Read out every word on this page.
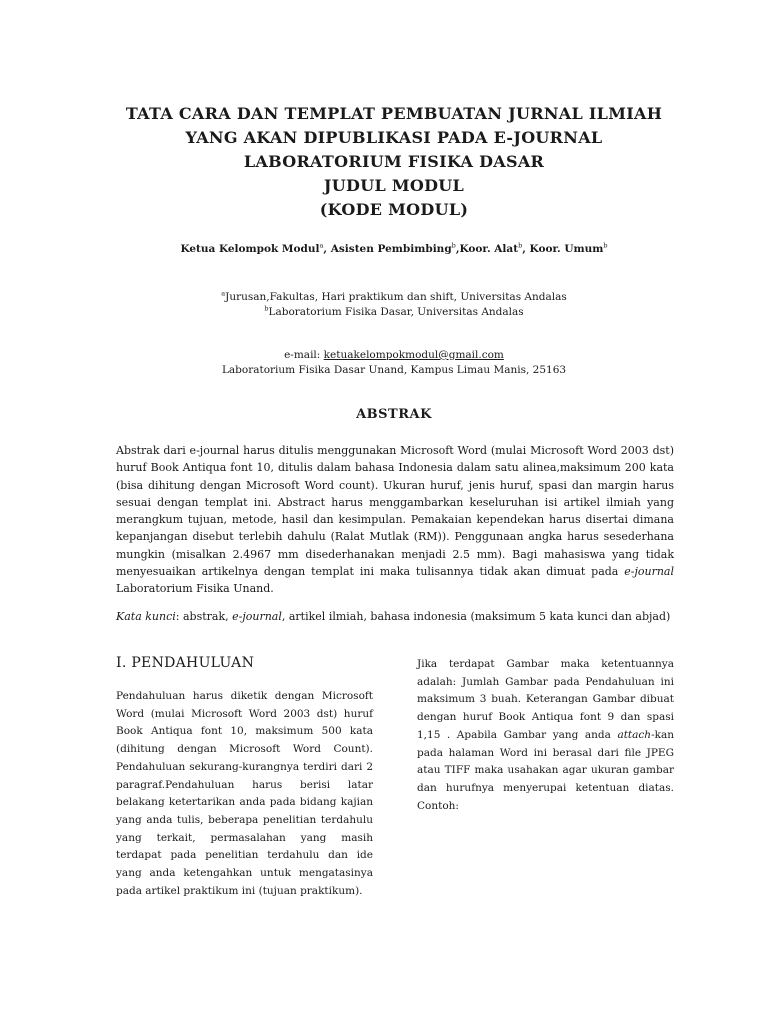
TATA CARA DAN TEMPLAT PEMBUATAN JURNAL ILMIAH
YANG AKAN DIPUBLIKASI PADA E-JOURNAL
LABORATORIUM FISIKA DASAR
JUDUL MODUL
(KODE MODUL)
Ketua Kelompok Modul$^a$, Asisten Pembimbing$^b$,Koor. Alat$^b$, Koor. Umum$^b$
$^a$Jurusan,Fakultas, Hari praktikum dan shift, Universitas Andalas
$^b$Laboratorium Fisika Dasar, Universitas Andalas
e-mail: ketuakelompokmodul@gmail.com
Laboratorium Fisika Dasar Unand, Kampus Limau Manis, 25163
ABSTRAK

Abstrak dari e-journal harus ditulis menggunakan Microsoft Word (mulai Microsoft Word 2003 dst) huruf Book Antiqua font 10, ditulis dalam bahasa Indonesia dalam satu alinea,maksimum 200 kata (bisa dihitung dengan Microsoft Word count). Ukuran huruf, jenis huruf, spasi dan margin harus sesuai dengan templat ini. Abstract harus menggambarkan keseluruhan isi artikel ilmiah yang merangkum tujuan, metode, hasil dan kesimpulan. Pemakaian kependekan harus disertai dimana kepanjangan disebut terlebih dahulu (Ralat Mutlak (RM)). Penggunaan angka harus sesederhana mungkin (misalkan 2.4967 mm disederhanakan menjadi 2.5 mm). Bagi mahasiswa yang tidak menyesuaikan artikelnya dengan templat ini maka tulisannya tidak akan dimuat pada e-journal Laboratorium Fisika Unand.

Kata kunci: abstrak, e-journal, artikel ilmiah, bahasa indonesia (maksimum 5 kata kunci dan abjad)

I. PENDAHULUAN

Pendahuluan harus diketik dengan Microsoft Word (mulai Microsoft Word 2003 dst) huruf Book Antiqua font 10, maksimum 500 kata (dihitung dengan Microsoft Word Count). Pendahuluan sekurang-kurangnya terdiri dari 2 paragraf.Pendahuluan harus berisi latar belakang ketertarikan anda pada bidang kajian yang anda tulis, beberapa penelitian terdahulu yang terkait, permasalahan yang masih terdapat pada penelitian terdahulu dan ide yang anda ketengahkan untuk mengatasinya pada artikel praktikum ini (tujuan praktikum).

Jika terdapat Gambar maka ketentuannya adalah: Jumlah Gambar pada Pendahuluan ini maksimum 3 buah. Keterangan Gambar dibuat dengan huruf Book Antiqua font 9 dan spasi 1,15 . Apabila Gambar yang anda attach-kan pada halaman Word ini berasal dari file JPEG atau TIFF maka usahakan agar ukuran gambar dan hurufnya menyerupai ketentuan diatas. Contoh:
